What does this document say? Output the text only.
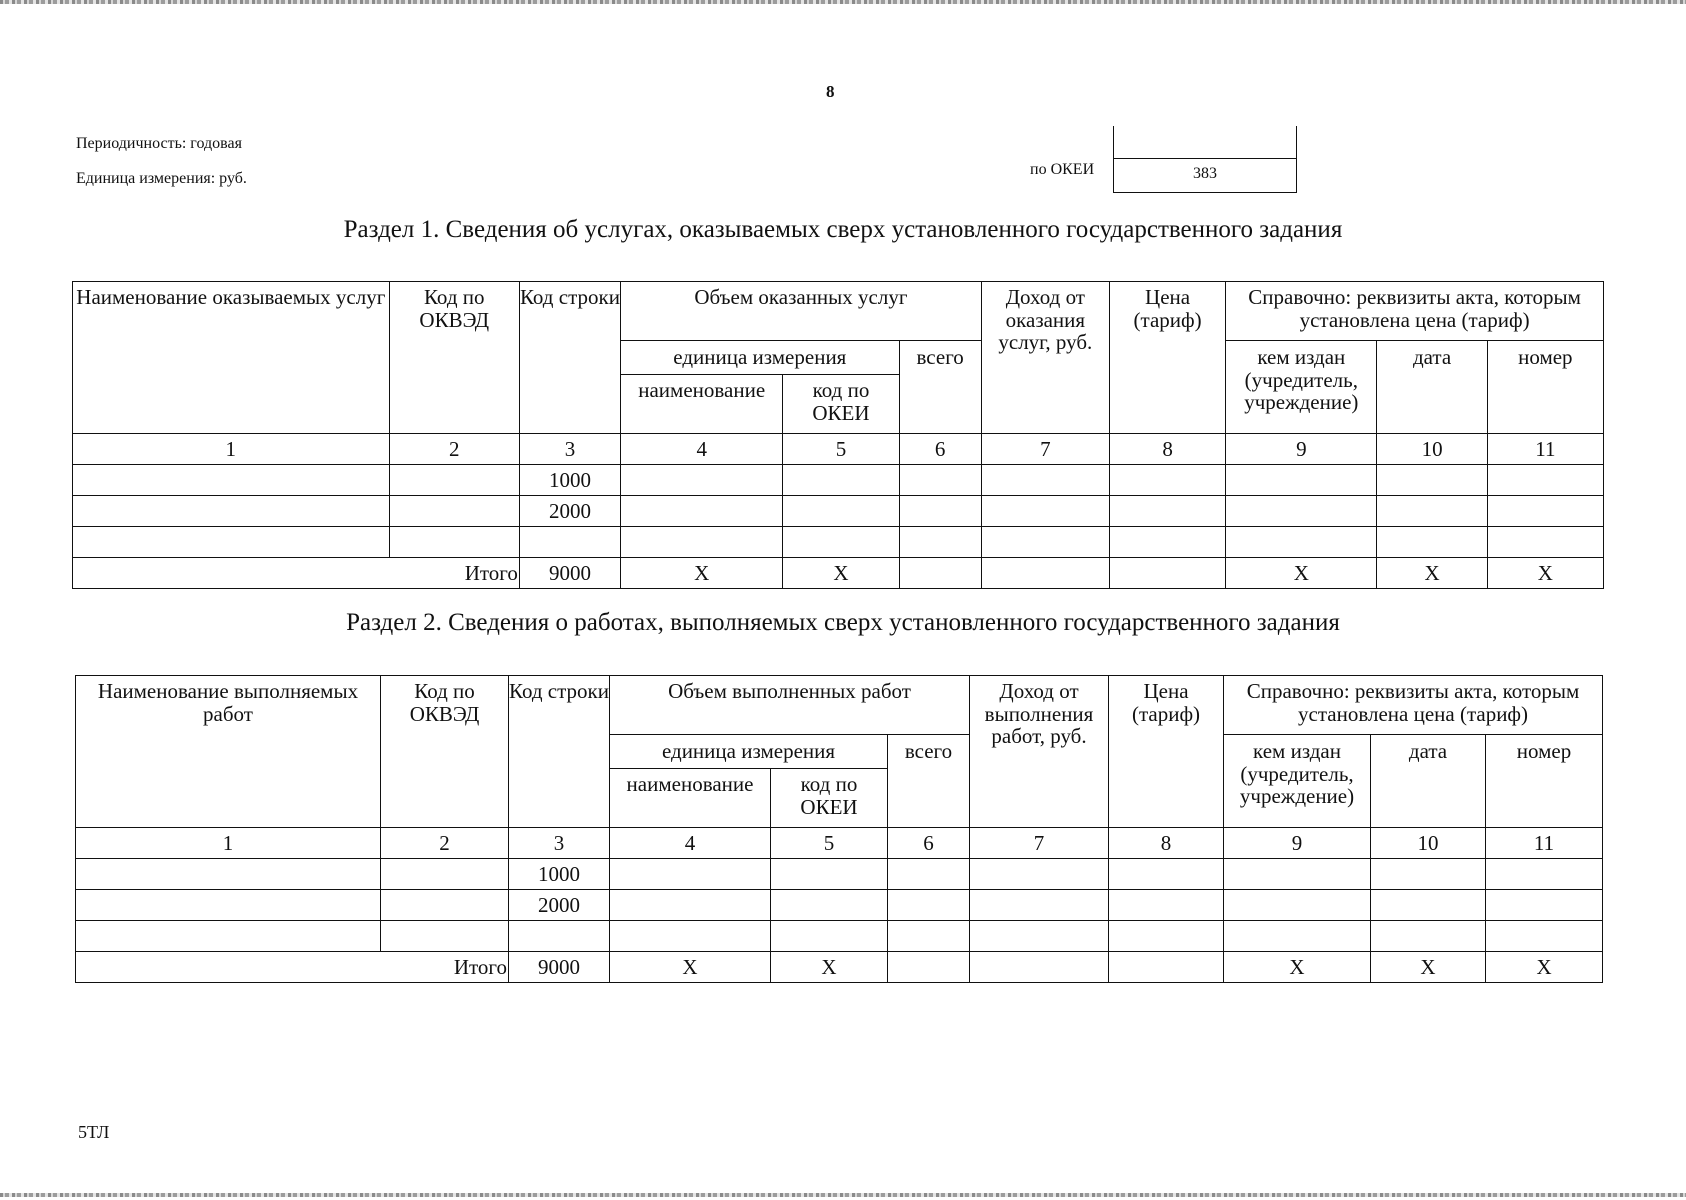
8
Периодичность: годовая
Единица измерения: руб.
по ОКЕИ	383
Раздел 1. Сведения об услугах, оказываемых сверх установленного государственного задания
Наименование оказываемых услуг	Код по ОКВЭД	Код строки	Объем оказанных услуг			Доход от оказания услуг, руб.	Цена (тариф)	Справочно: реквизиты акта, которым установлена цена (тариф)		
			единица измерения		всего			кем издан (учредитель, учреждение)	дата	номер
			наименование	код по ОКЕИ						
1	2	3	4	5	6	7	8	9	10	11
		1000								
		2000								

Итого		9000	X	X				X	X	X
Раздел 2. Сведения о работах, выполняемых сверх установленного государственного задания
Наименование выполняемых работ	Код по ОКВЭД	Код строки	Объем выполненных работ			Доход от выполнения работ, руб.	Цена (тариф)	Справочно: реквизиты акта, которым установлена цена (тариф)		
			единица измерения		всего			кем издан (учредитель, учреждение)	дата	номер
			наименование	код по ОКЕИ						
1	2	3	4	5	6	7	8	9	10	11
		1000								
		2000								

Итого		9000	X	X				X	X	X
5ТЛ
